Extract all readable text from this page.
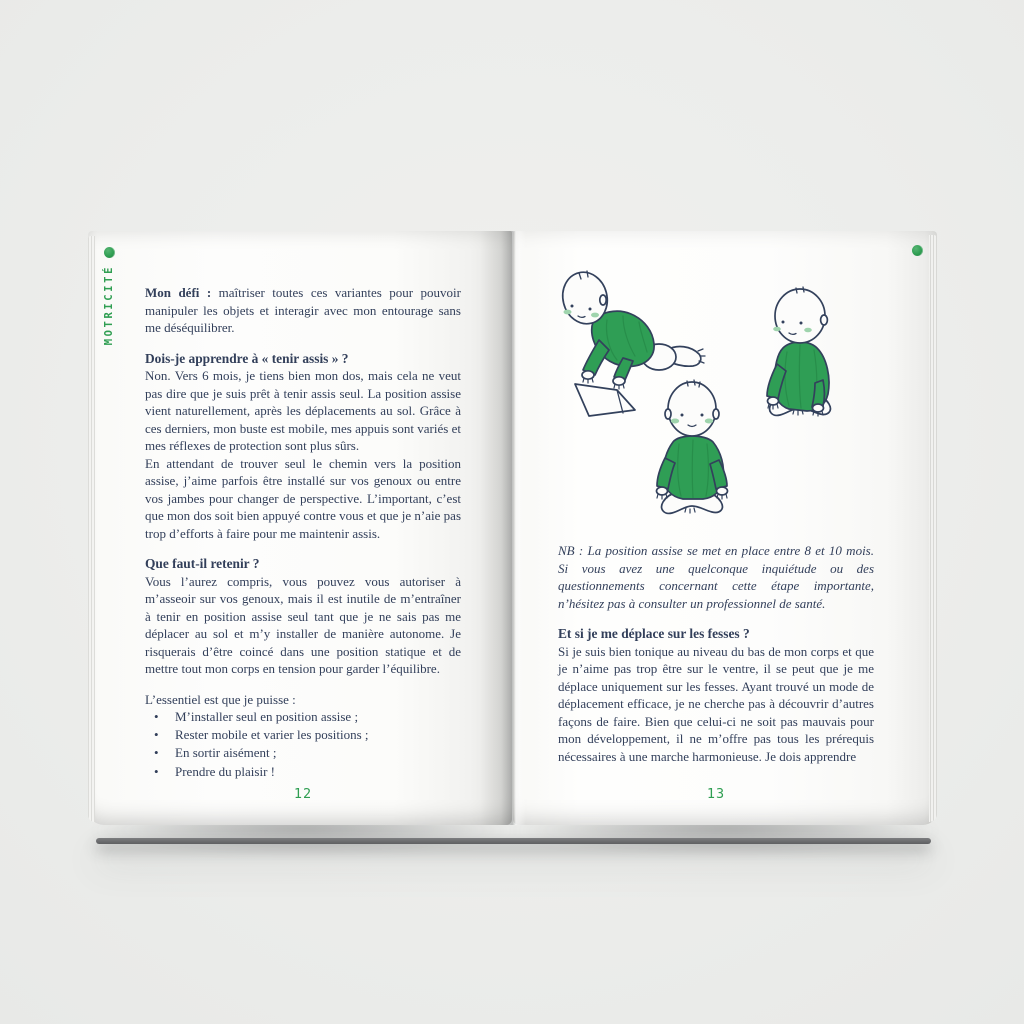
MOTRICITÉ Mon défi : maîtriser toutes ces variantes pour pouvoir manipuler les objets et interagir avec mon entourage sans me déséquilibrer.

Dois-je apprendre à « tenir assis » ?

Non. Vers 6 mois, je tiens bien mon dos, mais cela ne veut pas dire que je suis prêt à tenir assis seul. La position assise vient naturellement, après les déplacements au sol. Grâce à ces derniers, mon buste est mobile, mes appuis sont variés et mes réflexes de protection sont plus sûrs.

En attendant de trouver seul le chemin vers la position assise, j’aime parfois être installé sur vos genoux ou entre vos jambes pour changer de perspective. L’important, c’est que mon dos soit bien appuyé contre vous et que je n’aie pas trop d’efforts à faire pour me maintenir assis.

Que faut-il retenir ?

Vous l’aurez compris, vous pouvez vous autoriser à m’asseoir sur vos genoux, mais il est inutile de m’entraîner à tenir en position assise seul tant que je ne sais pas me déplacer au sol et m’y installer de manière autonome. Je risquerais d’être coincé dans une position statique et de mettre tout mon corps en tension pour garder l’équilibre.

L’essentiel est que je puisse :

• M’installer seul en position assise ;
• Rester mobile et varier les positions ;
• En sortir aisément ;
• Prendre du plaisir !
12

NB : La position assise se met en place entre 8 et 10 mois. Si vous avez une quelconque inquiétude ou des questionnements concernant cette étape importante, n’hésitez pas à consulter un professionnel de santé.

Et si je me déplace sur les fesses ?

Si je suis bien tonique au niveau du bas de mon corps et que je n’aime pas trop être sur le ventre, il se peut que je me déplace uniquement sur les fesses. Ayant trouvé un mode de déplacement efficace, je ne cherche pas à découvrir d’autres façons de faire. Bien que celui-ci ne soit pas mauvais pour mon développement, il ne m’offre pas tous les prérequis nécessaires à une marche harmonieuse. Je dois apprendre

13
